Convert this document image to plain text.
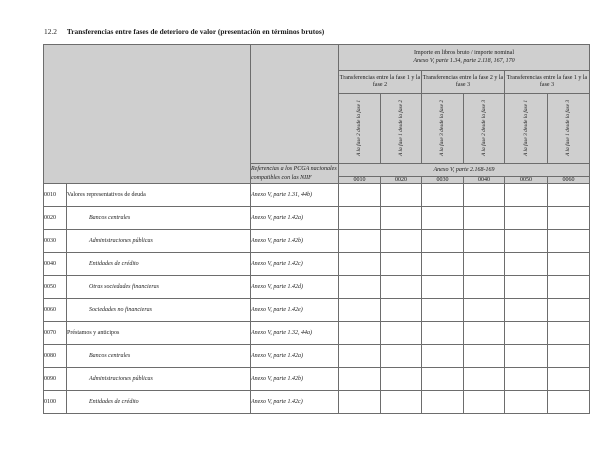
12.2 Transferencias entre fases de deterioro de valor (presentación en términos brutos)
			Importe en libros bruto / importe nominal
Anexo V, parte 1.34, parte 2.118, 167, 170					

			Transferencias entre la fase 1 y la fase 2		Transferencias entre la fase 2 y la fase 3		Transferencias entre la fase 1 y la fase 3	

			A la fase 2 desde la fase 1	A la fase 1 desde la fase 2	A la fase 3 desde la fase 2	A la fase 2 desde la fase 3	A la fase 3 desde la fase 1	A la fase 1 desde la fase 3

		Referencias a los PCGA nacionales compatibles con las NIIF	Anexo V, parte 2.168-169					
			0010	0020	0030	0040	0050	0060
0010	Valores representativos de deuda	Anexo V, parte 1.31, 44b)						
0020	Bancos centrales	Anexo V, parte 1.42a)						
0030	Administraciones públicas	Anexo V, parte 1.42b)						
0040	Entidades de crédito	Anexo V, parte 1.42c)						
0050	Otras sociedades financieras	Anexo V, parte 1.42d)						
0060	Sociedades no financieras	Anexo V, parte 1.42e)						
0070	Préstamos y anticipos	Anexo V, parte 1.32, 44a)						
0080	Bancos centrales	Anexo V, parte 1.42a)						
0090	Administraciones públicas	Anexo V, parte 1.42b)						
0100	Entidades de crédito	Anexo V, parte 1.42c)						
